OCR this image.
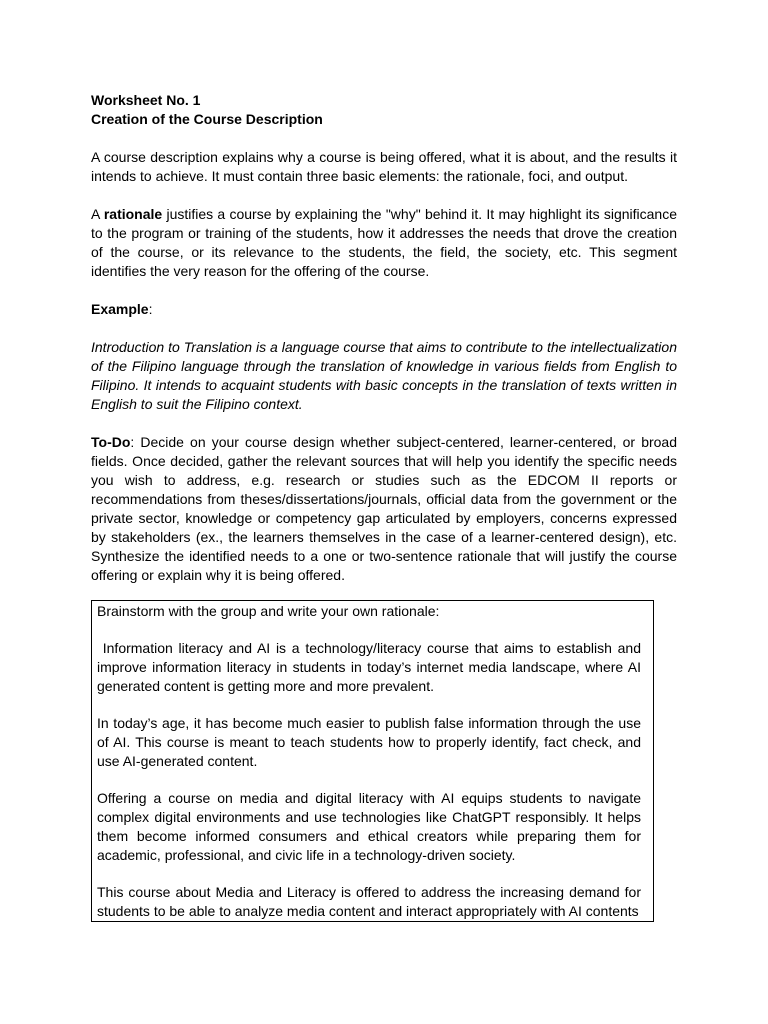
Worksheet No. 1

Creation of the Course Description

A course description explains why a course is being offered, what it is about, and the results it intends to achieve. It must contain three basic elements: the rationale, foci, and output.

A rationale justifies a course by explaining the "why" behind it. It may highlight its significance to the program or training of the students, how it addresses the needs that drove the creation of the course, or its relevance to the students, the field, the society, etc. This segment identifies the very reason for the offering of the course.

Example:

Introduction to Translation is a language course that aims to contribute to the intellectualization of the Filipino language through the translation of knowledge in various fields from English to Filipino. It intends to acquaint students with basic concepts in the translation of texts written in English to suit the Filipino context.

To-Do: Decide on your course design whether subject-centered, learner-centered, or broad fields. Once decided, gather the relevant sources that will help you identify the specific needs you wish to address, e.g. research or studies such as the EDCOM II reports or recommendations from theses/dissertations/journals, official data from the government or the private sector, knowledge or competency gap articulated by employers, concerns expressed by stakeholders (ex., the learners themselves in the case of a learner-centered design), etc. Synthesize the identified needs to a one or two-sentence rationale that will justify the course offering or explain why it is being offered.

Brainstorm with the group and write your own rationale:

Information literacy and AI is a technology/literacy course that aims to establish and improve information literacy in students in today’s internet media landscape, where AI generated content is getting more and more prevalent.

In today’s age, it has become much easier to publish false information through the use of AI. This course is meant to teach students how to properly identify, fact check, and use AI-generated content.

Offering a course on media and digital literacy with AI equips students to navigate complex digital environments and use technologies like ChatGPT responsibly. It helps them become informed consumers and ethical creators while preparing them for academic, professional, and civic life in a technology-driven society.

This course about Media and Literacy is offered to address the increasing demand for students to be able to analyze media content and interact appropriately with AI contents
